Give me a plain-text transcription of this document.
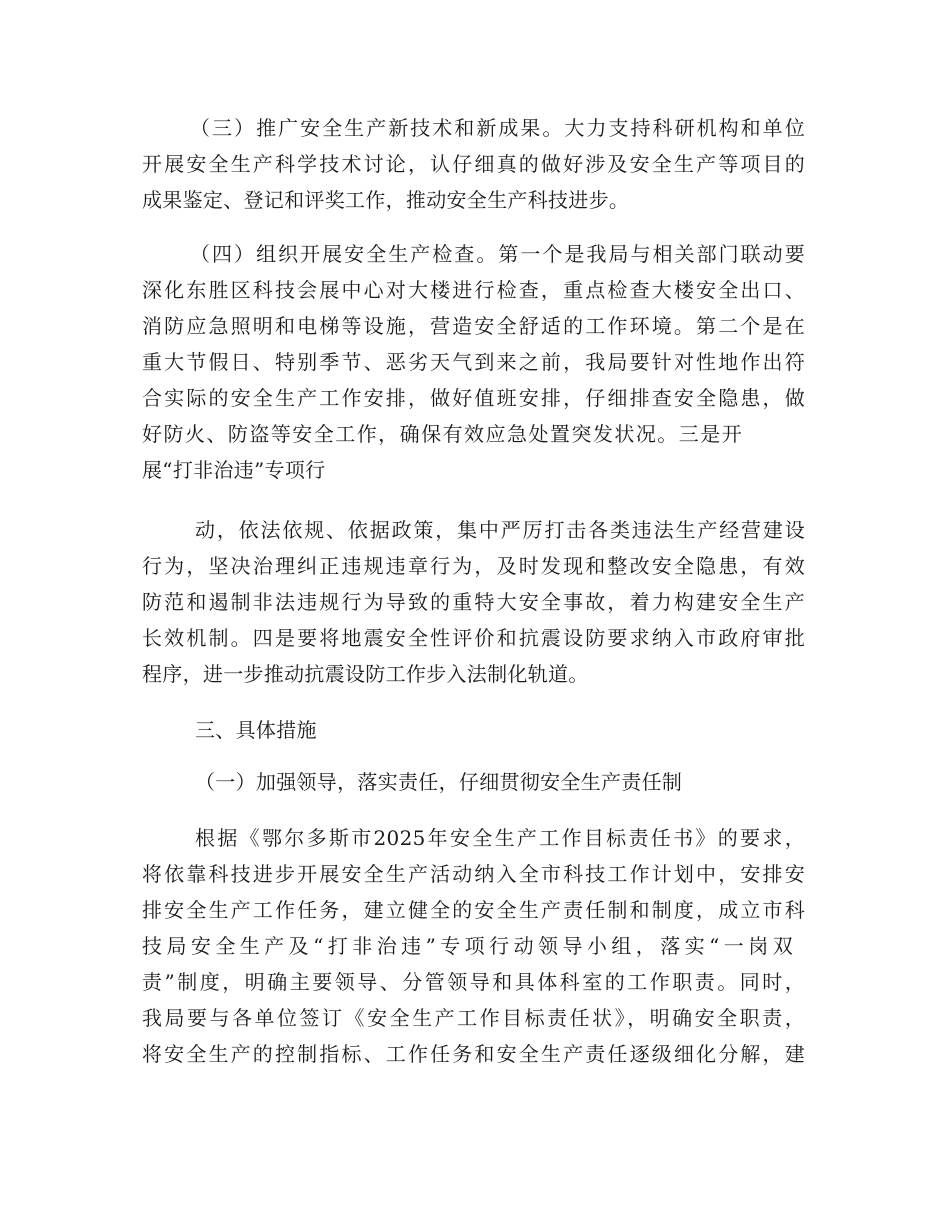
（三）推广安全生产新技术和新成果。大力支持科研机构和单位
开展安全生产科学技术讨论，认仔细真的做好涉及安全生产等项目的
成果鉴定、登记和评奖工作，推动安全生产科技进步。
（四）组织开展安全生产检查。第一个是我局与相关部门联动要
深化东胜区科技会展中心对大楼进行检查，重点检查大楼安全出口、
消防应急照明和电梯等设施，营造安全舒适的工作环境。第二个是在
重大节假日、特别季节、恶劣天气到来之前，我局要针对性地作出符
合实际的安全生产工作安排，做好值班安排，仔细排查安全隐患，做
好防火、防盗等安全工作，确保有效应急处置突发状况。三是开
展“打非治违”专项行
动，依法依规、依据政策，集中严厉打击各类违法生产经营建设
行为，坚决治理纠正违规违章行为，及时发现和整改安全隐患，有效
防范和遏制非法违规行为导致的重特大安全事故，着力构建安全生产
长效机制。四是要将地震安全性评价和抗震设防要求纳入市政府审批
程序，进一步推动抗震设防工作步入法制化轨道。
三、具体措施
（一）加强领导，落实责任，仔细贯彻安全生产责任制
根据《鄂尔多斯市2025年安全生产工作目标责任书》的要求，
将依靠科技进步开展安全生产活动纳入全市科技工作计划中，安排安
排安全生产工作任务，建立健全的安全生产责任制和制度，成立市科
技局安全生产及“打非治违”专项行动领导小组，落实“一岗双
责”制度，明确主要领导、分管领导和具体科室的工作职责。同时，
我局要与各单位签订《安全生产工作目标责任状》，明确安全职责，
将安全生产的控制指标、工作任务和安全生产责任逐级细化分解，建
